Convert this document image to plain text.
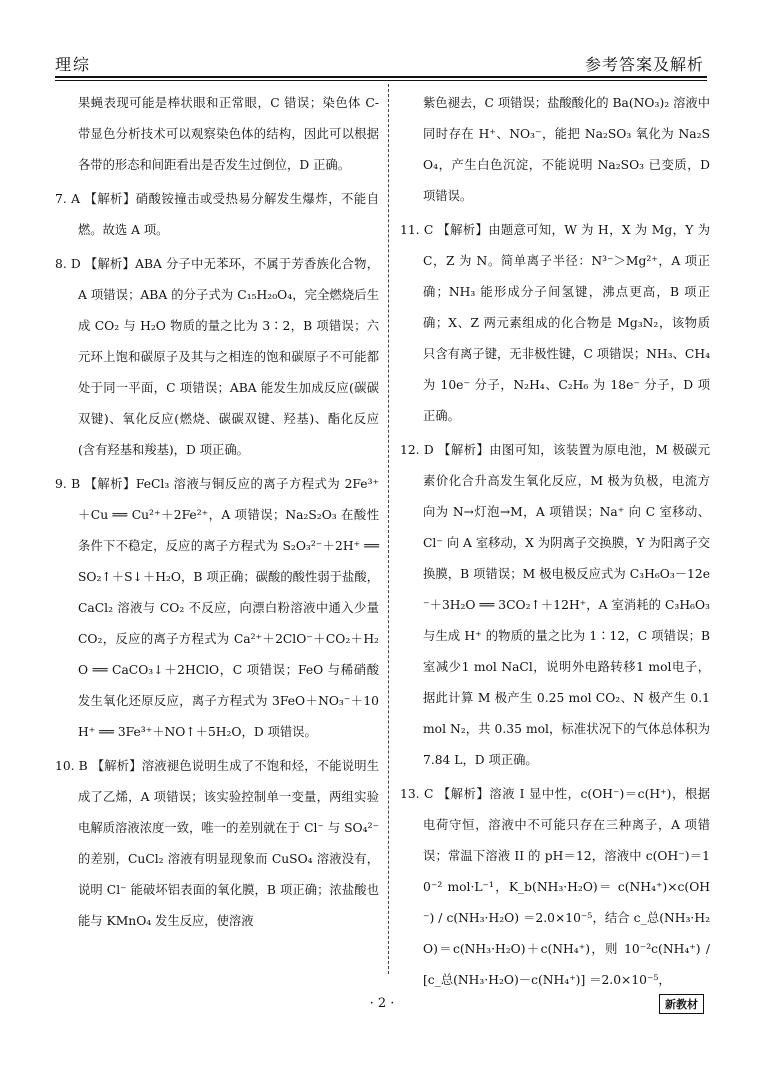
理综	参考答案及解析

果蝇表现可能是棒状眼和正常眼，C 错误；染色体 C-带显色分析技术可以观察染色体的结构，因此可以根据各带的形态和间距看出是否发生过倒位，D 正确。

7. A 【解析】硝酸铵撞击或受热易分解发生爆炸，不能自燃。故选 A 项。

8. D 【解析】ABA 分子中无苯环，不属于芳香族化合物，A 项错误；ABA 的分子式为 C₁₅H₂₀O₄，完全燃烧后生成 CO₂ 与 H₂O 物质的量之比为 3∶2，B 项错误；六元环上饱和碳原子及其与之相连的饱和碳原子不可能都处于同一平面，C 项错误；ABA 能发生加成反应(碳碳双键)、氧化反应(燃烧、碳碳双键、羟基)、酯化反应(含有羟基和羧基)，D 项正确。

9. B 【解析】FeCl₃ 溶液与铜反应的离子方程式为 2Fe³⁺＋Cu ══ Cu²⁺＋2Fe²⁺，A 项错误；Na₂S₂O₃ 在酸性条件下不稳定，反应的离子方程式为 S₂O₃²⁻＋2H⁺ ══ SO₂↑＋S↓＋H₂O，B 项正确；碳酸的酸性弱于盐酸，CaCl₂ 溶液与 CO₂ 不反应，向漂白粉溶液中通入少量 CO₂，反应的离子方程式为 Ca²⁺＋2ClO⁻＋CO₂＋H₂O ══ CaCO₃↓＋2HClO，C 项错误；FeO 与稀硝酸发生氧化还原反应，离子方程式为 3FeO＋NO₃⁻＋10H⁺ ══ 3Fe³⁺＋NO↑＋5H₂O，D 项错误。

10. B 【解析】溶液褪色说明生成了不饱和烃，不能说明生成了乙烯，A 项错误；该实验控制单一变量，两组实验电解质溶液浓度一致，唯一的差别就在于 Cl⁻ 与 SO₄²⁻ 的差别，CuCl₂ 溶液有明显现象而 CuSO₄ 溶液没有，说明 Cl⁻ 能破坏铝表面的氧化膜，B 项正确；浓盐酸也能与 KMnO₄ 发生反应，使溶液

紫色褪去，C 项错误；盐酸酸化的 Ba(NO₃)₂ 溶液中同时存在 H⁺、NO₃⁻，能把 Na₂SO₃ 氧化为 Na₂SO₄，产生白色沉淀，不能说明 Na₂SO₃ 已变质，D 项错误。

11. C 【解析】由题意可知，W 为 H，X 为 Mg，Y 为 C，Z 为 N。简单离子半径：N³⁻＞Mg²⁺，A 项正确；NH₃ 能形成分子间氢键，沸点更高，B 项正确；X、Z 两元素组成的化合物是 Mg₃N₂，该物质只含有离子键，无非极性键，C 项错误；NH₃、CH₄ 为 10e⁻ 分子，N₂H₄、C₂H₆ 为 18e⁻ 分子，D 项正确。

12. D 【解析】由图可知，该装置为原电池，M 极碳元素价化合升高发生氧化反应，M 极为负极，电流方向为 N→灯泡→M，A 项错误；Na⁺ 向 C 室移动、Cl⁻ 向 A 室移动，X 为阴离子交换膜，Y 为阳离子交换膜，B 项错误；M 极电极反应式为 C₃H₆O₃－12e⁻＋3H₂O ══ 3CO₂↑＋12H⁺，A 室消耗的 C₃H₆O₃ 与生成 H⁺ 的物质的量之比为 1∶12，C 项错误；B 室减少1 mol NaCl，说明外电路转移1 mol电子，据此计算 M 极产生 0.25 mol CO₂、N 极产生 0.1 mol N₂，共 0.35 mol，标准状况下的气体总体积为 7.84 L，D 项正确。

13. C 【解析】溶液 I 显中性，c(OH⁻)＝c(H⁺)，根据电荷守恒，溶液中不可能只存在三种离子，A 项错误；常温下溶液 II 的 pH＝12，溶液中 c(OH⁻)＝10⁻² mol·L⁻¹，K_b(NH₃·H₂O)＝ c(NH₄⁺)×c(OH⁻) / c(NH₃·H₂O) ＝2.0×10⁻⁵，结合 c_总(NH₃·H₂O)＝c(NH₃·H₂O)＋c(NH₄⁺)，则 10⁻²c(NH₄⁺) / [c_总(NH₃·H₂O)－c(NH₄⁺)] ＝2.0×10⁻⁵，

· 2 ·	新教材
